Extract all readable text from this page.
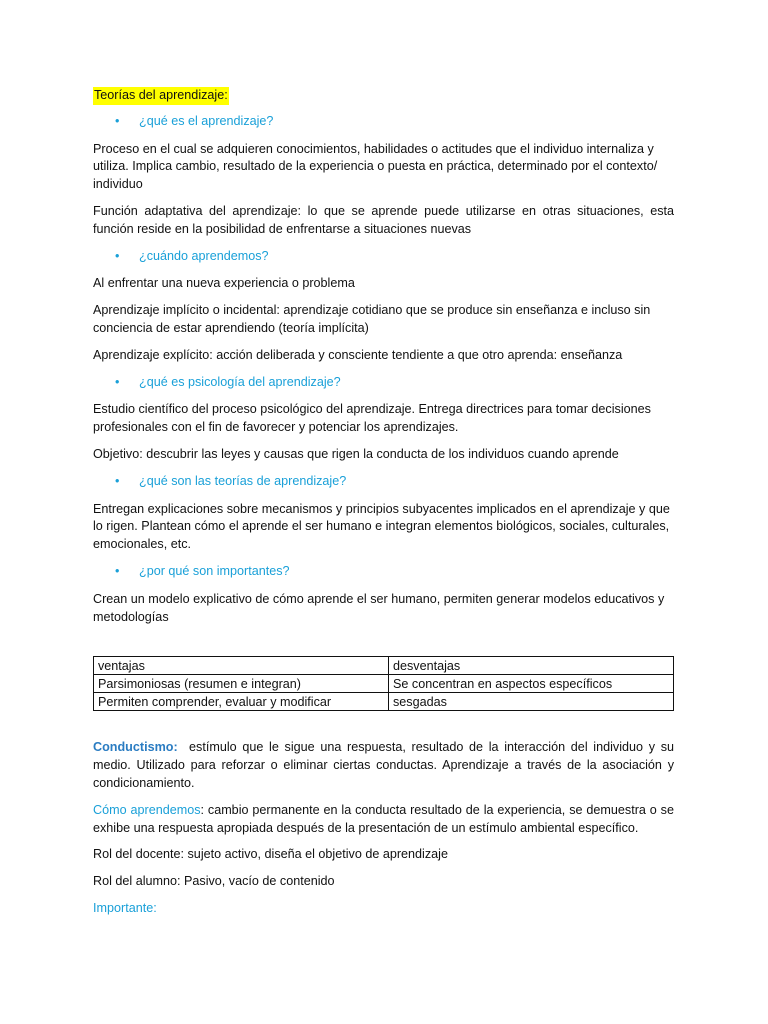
Teorías del aprendizaje:
• ¿qué es el aprendizaje?

Proceso en el cual se adquieren conocimientos, habilidades o actitudes que el individuo internaliza y utiliza. Implica cambio, resultado de la experiencia o puesta en práctica, determinado por el contexto/ individuo

Función adaptativa del aprendizaje: lo que se aprende puede utilizarse en otras situaciones, esta función reside en la posibilidad de enfrentarse a situaciones nuevas

• ¿cuándo aprendemos?

Al enfrentar una nueva experiencia o problema

Aprendizaje implícito o incidental: aprendizaje cotidiano que se produce sin enseñanza e incluso sin conciencia de estar aprendiendo (teoría implícita)

Aprendizaje explícito: acción deliberada y consciente tendiente a que otro aprenda: enseñanza

• ¿qué es psicología del aprendizaje?

Estudio científico del proceso psicológico del aprendizaje. Entrega directrices para tomar decisiones profesionales con el fin de favorecer y potenciar los aprendizajes.

Objetivo: descubrir las leyes y causas que rigen la conducta de los individuos cuando aprende

• ¿qué son las teorías de aprendizaje?

Entregan explicaciones sobre mecanismos y principios subyacentes implicados en el aprendizaje y que lo rigen. Plantean cómo el aprende el ser humano e integran elementos biológicos, sociales, culturales, emocionales, etc.

• ¿por qué son importantes?

Crean un modelo explicativo de cómo aprende el ser humano, permiten generar modelos educativos y metodologías

ventajas	desventajas
Parsimoniosas (resumen e integran)	Se concentran en aspectos específicos
Permiten comprender, evaluar y modificar	sesgadas

Conductismo: estímulo que le sigue una respuesta, resultado de la interacción del individuo y su medio. Utilizado para reforzar o eliminar ciertas conductas. Aprendizaje a través de la asociación y condicionamiento.

Cómo aprendemos: cambio permanente en la conducta resultado de la experiencia, se demuestra o se exhibe una respuesta apropiada después de la presentación de un estímulo ambiental específico.

Rol del docente: sujeto activo, diseña el objetivo de aprendizaje

Rol del alumno: Pasivo, vacío de contenido

Importante:
